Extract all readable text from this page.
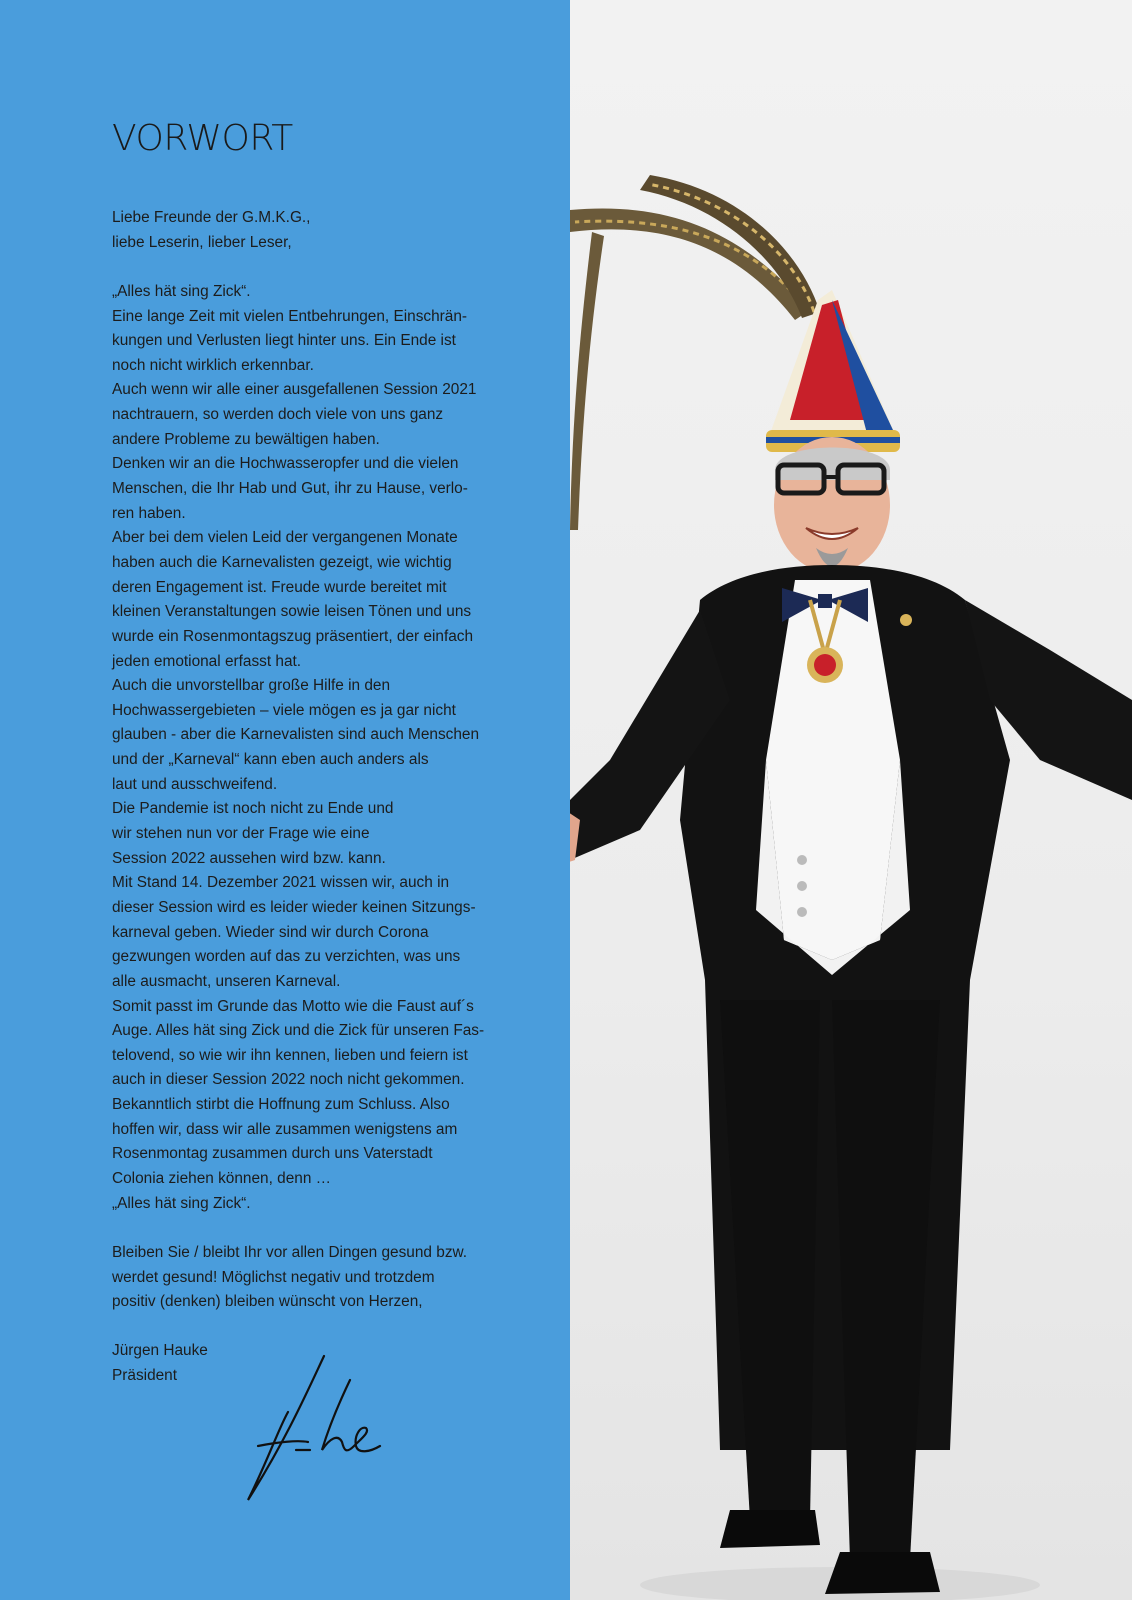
VORWORT
Liebe Freunde der G.M.K.G.,
liebe Leserin, lieber Leser,
„Alles hät sing Zick“.
Eine lange Zeit mit vielen Entbehrungen, Einschrän-
kungen und Verlusten liegt hinter uns. Ein Ende ist
noch nicht wirklich erkennbar.
Auch wenn wir alle einer ausgefallenen Session 2021
nachtrauern, so werden doch viele von uns ganz
andere Probleme zu bewältigen haben.
Denken wir an die Hochwasseropfer und die vielen
Menschen, die Ihr Hab und Gut, ihr zu Hause, verlo-
ren haben.
Aber bei dem vielen Leid der vergangenen Monate
haben auch die Karnevalisten gezeigt, wie wichtig
deren Engagement ist. Freude wurde bereitet mit
kleinen Veranstaltungen sowie leisen Tönen und uns
wurde ein Rosenmontagszug präsentiert, der einfach
jeden emotional erfasst hat.
Auch die unvorstellbar große Hilfe in den
Hochwassergebieten – viele mögen es ja gar nicht
glauben - aber die Karnevalisten sind auch Menschen
und der „Karneval“ kann eben auch anders als
laut und ausschweifend.
Die Pandemie ist noch nicht zu Ende und
wir stehen nun vor der Frage wie eine
Session 2022 aussehen wird bzw. kann.
Mit Stand 14. Dezember 2021 wissen wir, auch in
dieser Session wird es leider wieder keinen Sitzungs-
karneval geben. Wieder sind wir durch Corona
gezwungen worden auf das zu verzichten, was uns
alle ausmacht, unseren Karneval.
Somit passt im Grunde das Motto wie die Faust auf´s
Auge. Alles hät sing Zick und die Zick für unseren Fas-
telovend, so wie wir ihn kennen, lieben und feiern ist
auch in dieser Session 2022 noch nicht gekommen.
Bekanntlich stirbt die Hoffnung zum Schluss. Also
hoffen wir, dass wir alle zusammen wenigstens am
Rosenmontag zusammen durch uns Vaterstadt
Colonia ziehen können, denn …
„Alles hät sing Zick“.
Bleiben Sie / bleibt Ihr vor allen Dingen gesund bzw.
werdet gesund! Möglichst negativ und trotzdem
positiv (denken) bleiben wünscht von Herzen,
Jürgen Hauke
Präsident
